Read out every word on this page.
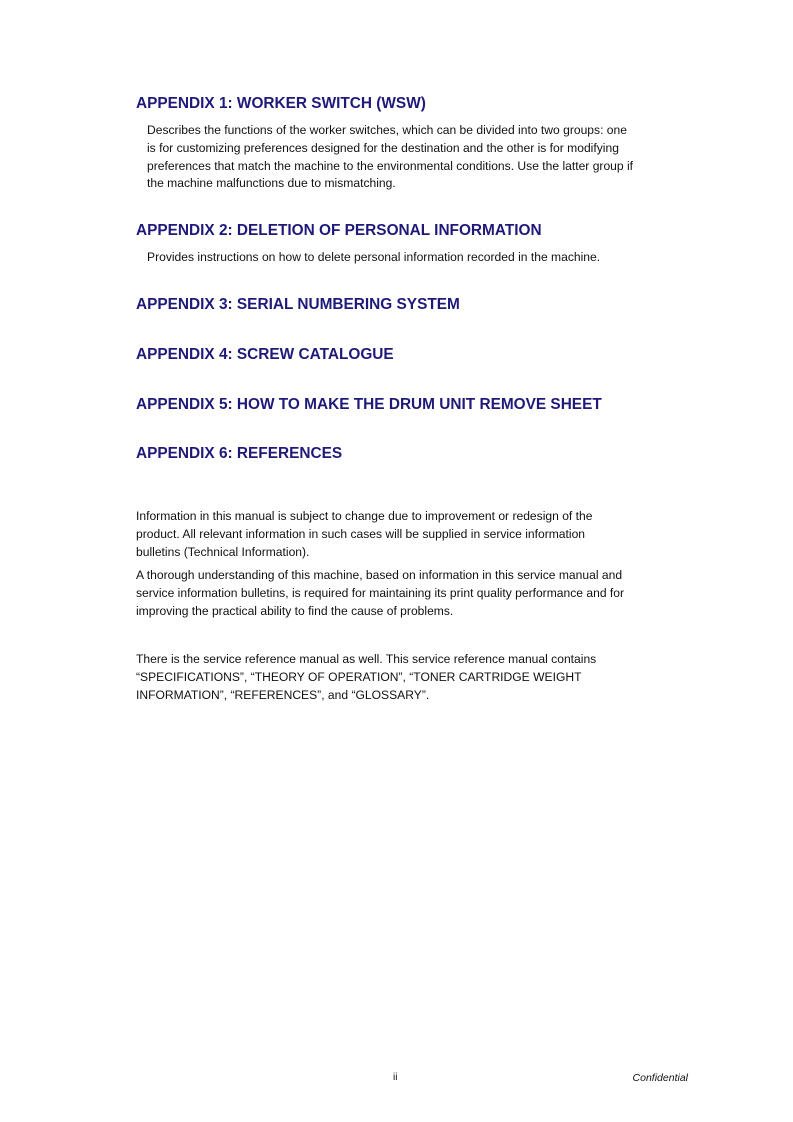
APPENDIX 1: WORKER SWITCH (WSW)
Describes the functions of the worker switches, which can be divided into two groups: one
is for customizing preferences designed for the destination and the other is for modifying
preferences that match the machine to the environmental conditions. Use the latter group if
the machine malfunctions due to mismatching.
APPENDIX 2: DELETION OF PERSONAL INFORMATION
Provides instructions on how to delete personal information recorded in the machine.
APPENDIX 3: SERIAL NUMBERING SYSTEM
APPENDIX 4: SCREW CATALOGUE
APPENDIX 5: HOW TO MAKE THE DRUM UNIT REMOVE SHEET
APPENDIX 6: REFERENCES
Information in this manual is subject to change due to improvement or redesign of the
product. All relevant information in such cases will be supplied in service information
bulletins (Technical Information).
A thorough understanding of this machine, based on information in this service manual and
service information bulletins, is required for maintaining its print quality performance and for
improving the practical ability to find the cause of problems.
There is the service reference manual as well. This service reference manual contains
“SPECIFICATIONS”, “THEORY OF OPERATION”, “TONER CARTRIDGE WEIGHT
INFORMATION”, “REFERENCES”, and “GLOSSARY”.
ii	Confidential
